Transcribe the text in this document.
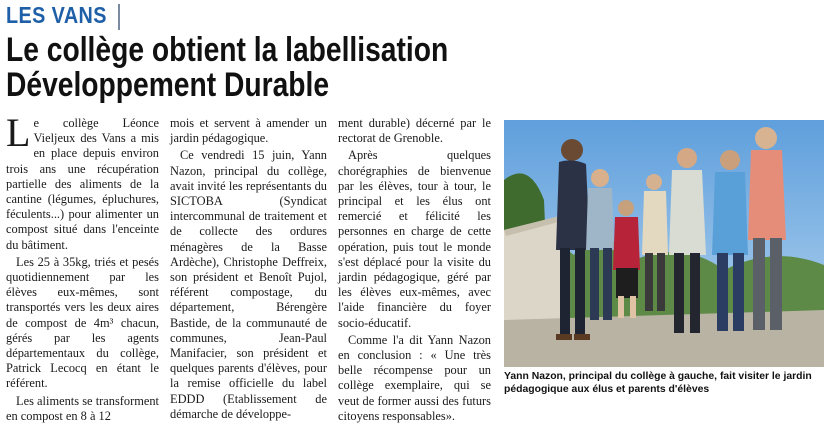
LES VANS
Le collège obtient la labellisation
Développement Durable

Le collège Léonce Vieljeux des Vans a mis en place depuis environ trois ans une récupération partielle des aliments de la cantine (légumes, épluchures, féculents...) pour alimenter un compost situé dans l'enceinte du bâtiment.

Les 25 à 35kg, triés et pesés quotidiennement par les élèves eux-mêmes, sont transportés vers les deux aires de compost de 4m³ chacun, gérés par les agents départementaux du collège, Patrick Lecocq en étant le référent.

Les aliments se transforment en compost en 8 à 12

mois et servent à amender un jardin pédagogique.

Ce vendredi 15 juin, Yann Nazon, principal du collège, avait invité les représentants du SICTOBA (Syndicat intercommunal de traitement et de collecte des ordures ménagères de la Basse Ardèche), Christophe Deffreix, son président et Benoît Pujol, référent compostage, du département, Bérengère Bastide, de la communauté de communes, Jean-Paul Manifacier, son président et quelques parents d'élèves, pour la remise officielle du label EDDD (Etablissement de démarche de développe-

ment durable) décerné par le rectorat de Grenoble.

Après quelques chorégraphies de bienvenue par les élèves, tour à tour, le principal et les élus ont remercié et félicité les personnes en charge de cette opération, puis tout le monde s'est déplacé pour la visite du jardin pédagogique, géré par les élèves eux-mêmes, avec l'aide financière du foyer socio-éducatif.

Comme l'a dit Yann Nazon en conclusion : « Une très belle récompense pour un collège exemplaire, qui se veut de former aussi des futurs citoyens responsables».

Yann Nazon, principal du collège à gauche, fait visiter le jardin pédagogique aux élus et parents d'élèves
